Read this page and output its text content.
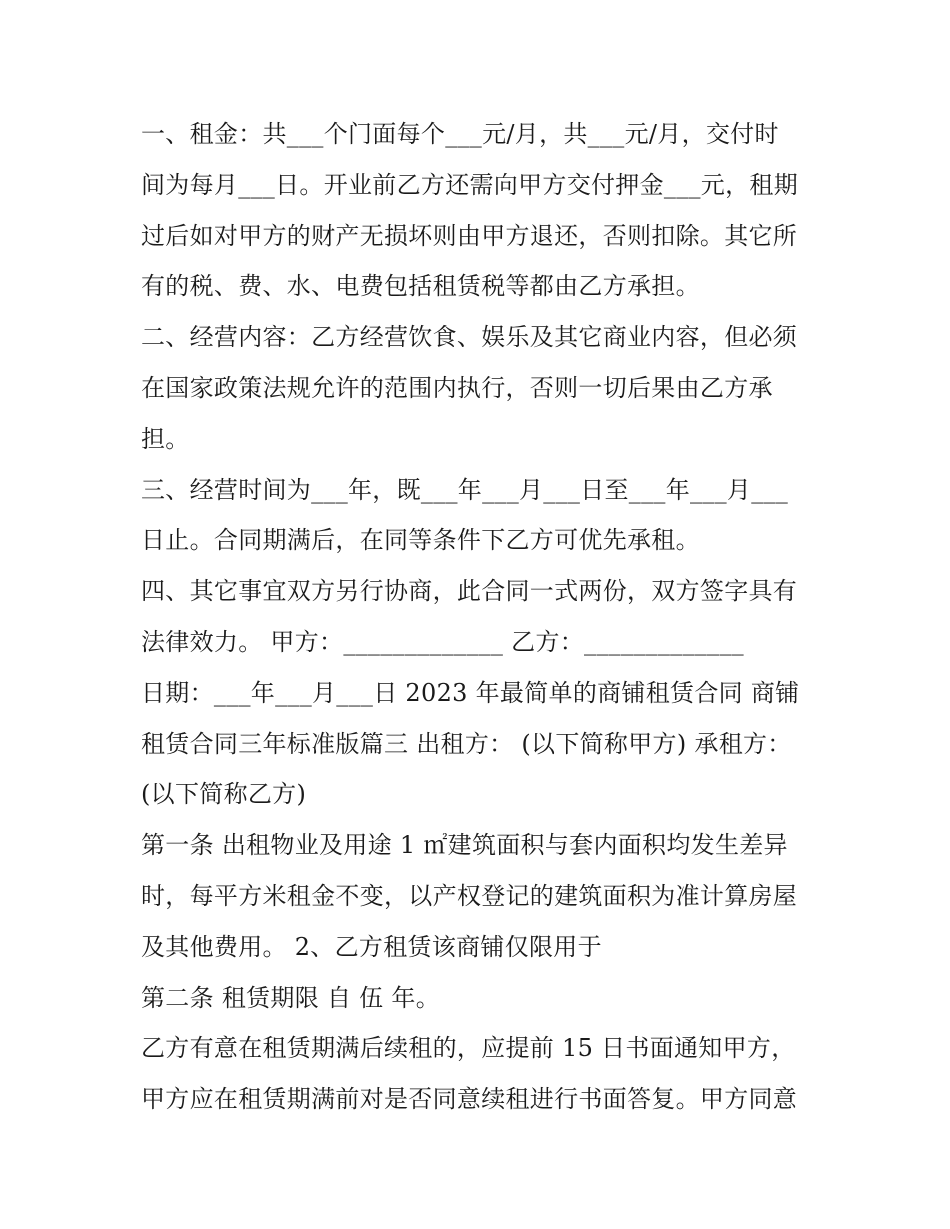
一、租金：共___个门面每个___元/月，共___元/月，交付时
间为每月___日。开业前乙方还需向甲方交付押金___元，租期
过后如对甲方的财产无损坏则由甲方退还，否则扣除。其它所
有的税、费、水、电费包括租赁税等都由乙方承担。
二、经营内容：乙方经营饮食、娱乐及其它商业内容，但必须
在国家政策法规允许的范围内执行，否则一切后果由乙方承
担。
三、经营时间为___年，既___年___月___日至___年___月___
日止。合同期满后，在同等条件下乙方可优先承租。
四、其它事宜双方另行协商，此合同一式两份，双方签字具有
法律效力。 甲方：_____________ 乙方：_____________
日期：___年___月___日 2023 年最简单的商铺租赁合同 商铺
租赁合同三年标准版篇三 出租方： (以下简称甲方) 承租方：
(以下简称乙方)
第一条 出租物业及用途 1 ㎡建筑面积与套内面积均发生差异
时，每平方米租金不变，以产权登记的建筑面积为准计算房屋
及其他费用。 2、乙方租赁该商铺仅限用于
第二条 租赁期限 自 伍 年。
乙方有意在租赁期满后续租的，应提前 15 日书面通知甲方，
甲方应在租赁期满前对是否同意续租进行书面答复。甲方同意
